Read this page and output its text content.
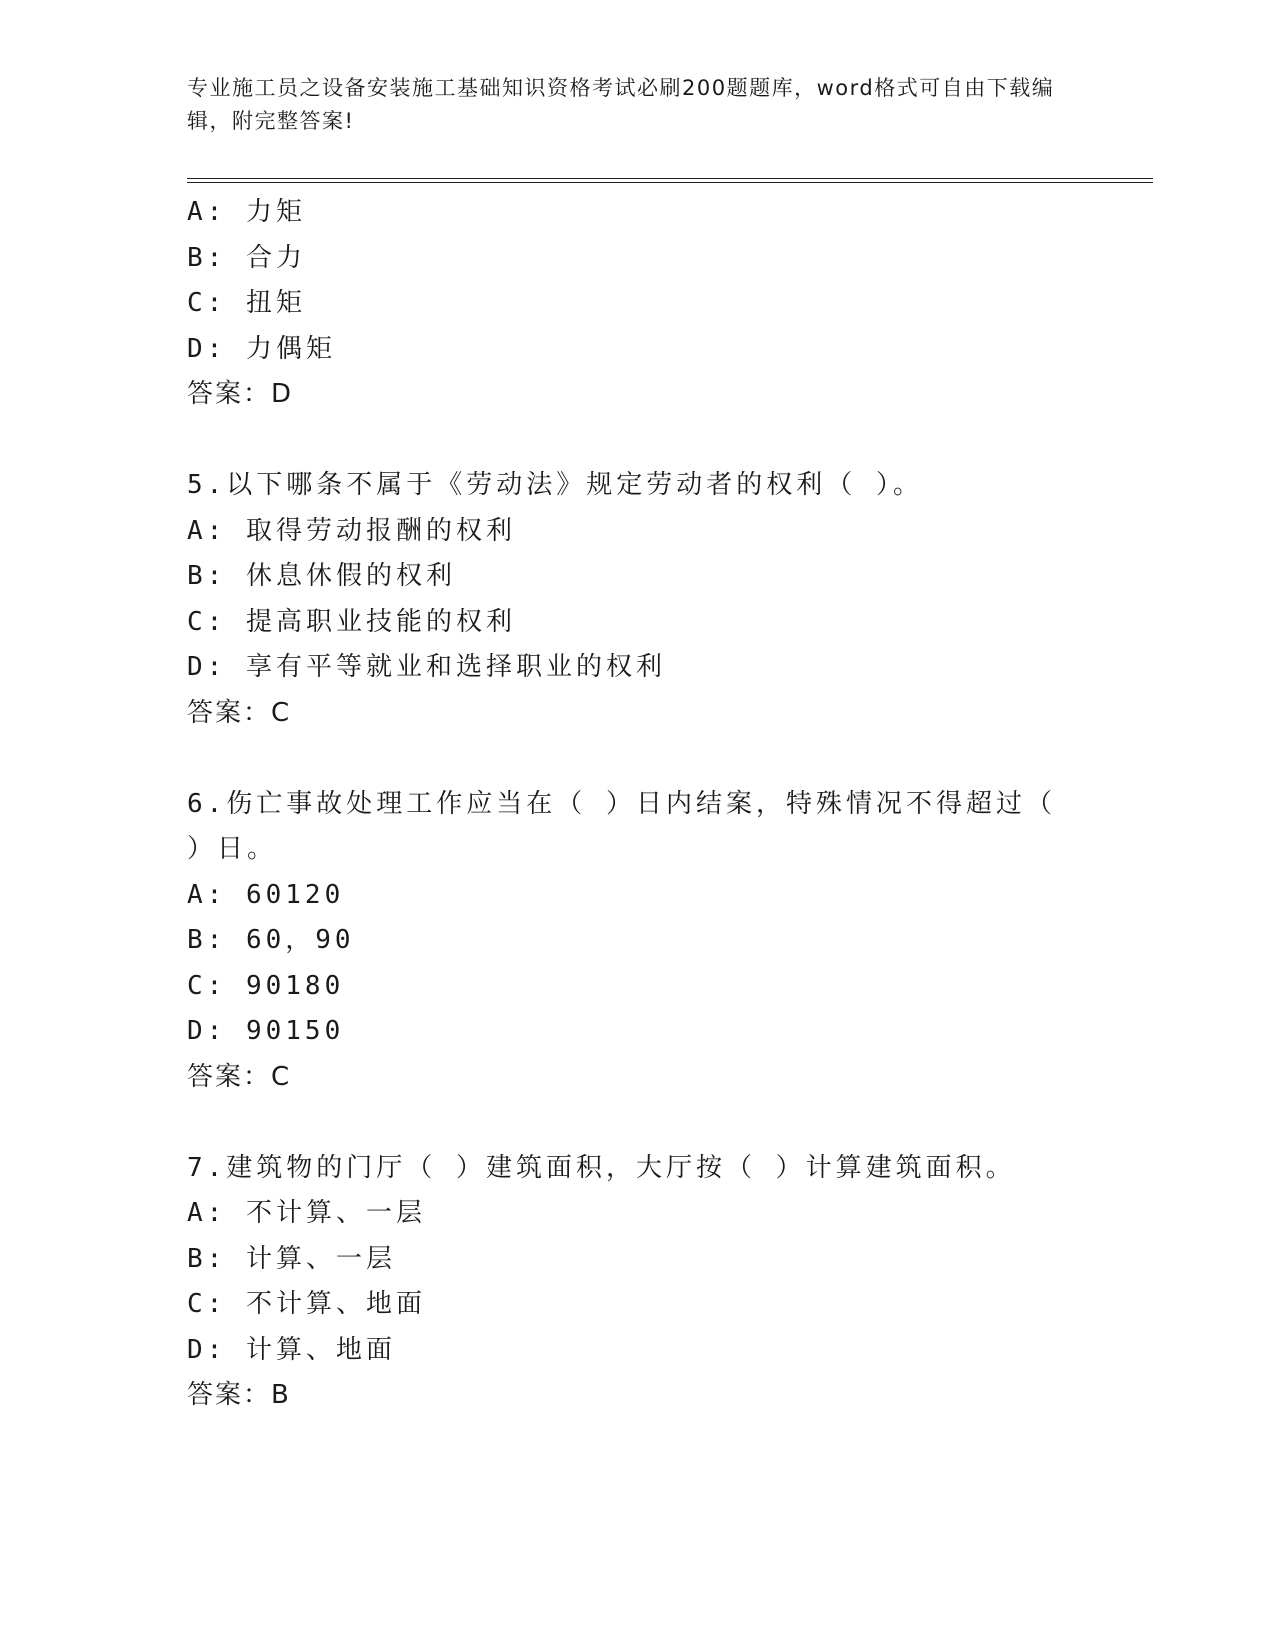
专业施工员之设备安装施工基础知识资格考试必刷200题题库，word格式可自由下载编辑，附完整答案!
A: 力矩
B: 合力
C: 扭矩
D: 力偶矩
答案：D
5.以下哪条不属于《劳动法》规定劳动者的权利（ ）。
A: 取得劳动报酬的权利
B: 休息休假的权利
C: 提高职业技能的权利
D: 享有平等就业和选择职业的权利
答案：C
6.伤亡事故处理工作应当在（ ）日内结案，特殊情况不得超过（ ）日。
A: 60120
B: 60，90
C: 90180
D: 90150
答案：C
7.建筑物的门厅（ ）建筑面积，大厅按（ ）计算建筑面积。
A: 不计算、一层
B: 计算、一层
C: 不计算、地面
D: 计算、地面
答案：B
